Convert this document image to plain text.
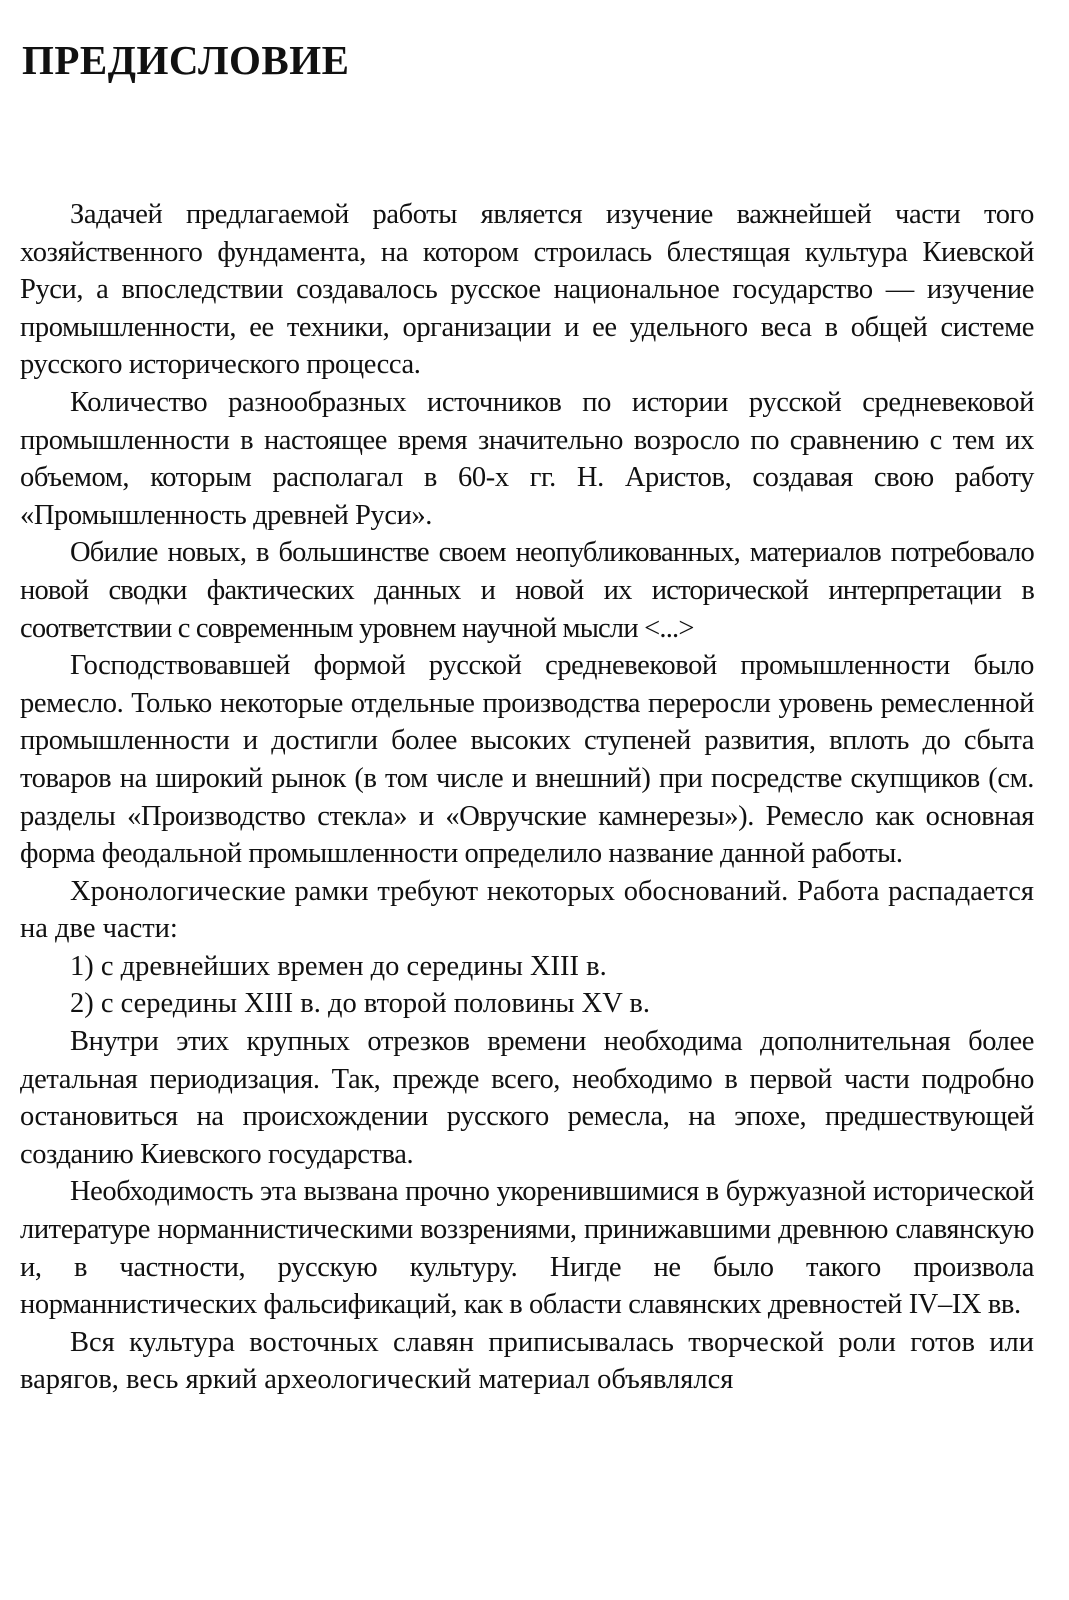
ПРЕДИСЛОВИЕ

Задачей предлагаемой работы является изучение важнейшей части того хозяйственного фундамента, на котором строилась блестящая культура Киевской Руси, а впоследствии создавалось русское национальное государство — изучение промышленности, ее техники, организации и ее удельного веса в общей системе русского исторического процесса.

Количество разнообразных источников по истории русской средневековой промышленности в настоящее время значительно возросло по сравнению с тем их объемом, которым располагал в 60-х гг. Н. Аристов, создавая свою работу «Промышленность древней Руси».

Обилие новых, в большинстве своем неопубликованных, материалов потребовало новой сводки фактических данных и новой их исторической интерпретации в соответствии с современным уровнем научной мысли <...>

Господствовавшей формой русской средневековой промышленности было ремесло. Только некоторые отдельные производства переросли уровень ремесленной промышленности и достигли более высоких ступеней развития, вплоть до сбыта товаров на широкий рынок (в том числе и внешний) при посредстве скупщиков (см. разделы «Производство стекла» и «Овручские камнерезы»). Ремесло как основная форма феодальной промышленности определило название данной работы.

Хронологические рамки требуют некоторых обоснований. Работа распадается на две части:

1) с древнейших времен до середины XIII в.

2) с середины XIII в. до второй половины XV в.

Внутри этих крупных отрезков времени необходима дополнительная более детальная периодизация. Так, прежде всего, необходимо в первой части подробно остановиться на происхождении русского ремесла, на эпохе, предшествующей созданию Киевского государства.

Необходимость эта вызвана прочно укоренившимися в буржуазной исторической литературе норманнистическими воззрениями, принижавшими древнюю славянскую и, в частности, русскую культуру. Нигде не было такого произвола норманнистических фальсификаций, как в области славянских древностей IV–IX вв.

Вся культура восточных славян приписывалась творческой роли готов или варягов, весь яркий археологический материал объявлялся
